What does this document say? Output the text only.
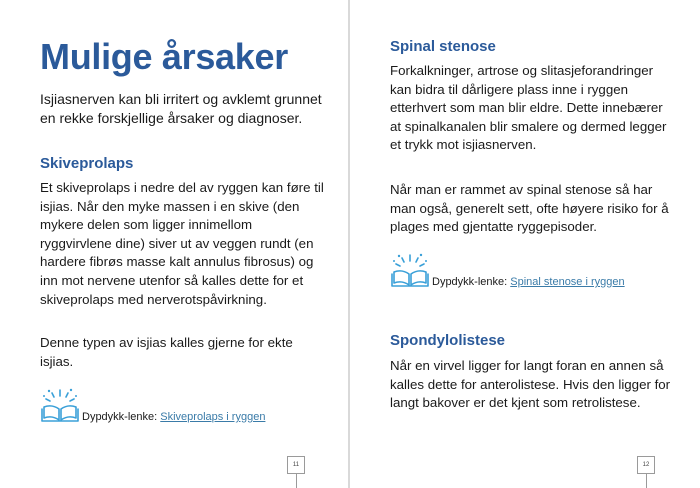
Mulige årsaker
Isjiasnerven kan bli irritert og avklemt grunnet en rekke forskjellige årsaker og diagnoser.
Skiveprolaps
Et skiveprolaps i nedre del av ryggen kan føre til
isjias. Når den myke massen i en skive (den
mykere delen som ligger innimellom
ryggvirvlene dine) siver ut av veggen rundt (en
hardere fibrøs masse kalt annulus fibrosus) og
inn mot nervene utenfor så kalles dette for et
skiveprolaps med nerverotspåvirkning.
Denne typen av isjias kalles gjerne for ekte
isjias.
Dypdykk-lenke: Skiveprolaps i ryggen
11
Spinal stenose
Forkalkninger, artrose og slitasjeforandringer
kan bidra til dårligere plass inne i ryggen
etterhvert som man blir eldre. Dette innebærer
at spinalkanalen blir smalere og dermed legger
et trykk mot isjiasnerven.
Når man er rammet av spinal stenose så har
man også, generelt sett, ofte høyere risiko for å
plages med gjentatte ryggepisoder.
Dypdykk-lenke: Spinal stenose i ryggen
Spondylolistese
Når en virvel ligger for langt foran en annen så
kalles dette for anterolistese. Hvis den ligger for
langt bakover er det kjent som retrolistese.
12
